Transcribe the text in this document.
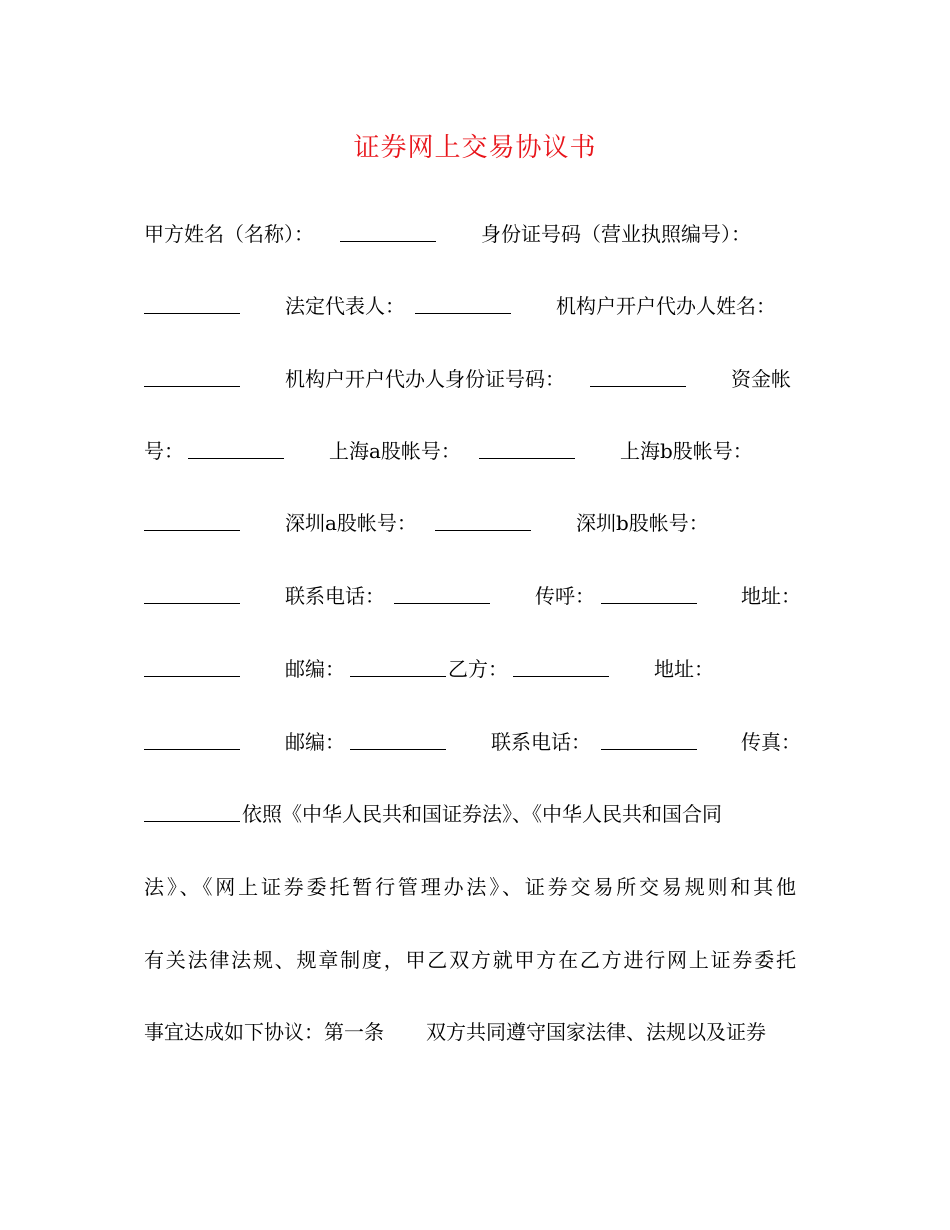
证券网上交易协议书
甲方姓名（名称）：	身份证号码（营业执照编号）：
法定代表人：	机构户开户代办人姓名：
机构户开户代办人身份证号码：	资金帐
号：	上海a股帐号：	上海b股帐号：
深圳a股帐号：	深圳b股帐号：
联系电话：	传呼：	地址：
邮编：	乙方：	地址：
邮编：	联系电话：	传真：
依照《中华人民共和国证券法》、《中华人民共和国合同
法》、《网上证券委托暂行管理办法》、证券交易所交易规则和其他
有关法律法规、规章制度，甲乙双方就甲方在乙方进行网上证券委托
事宜达成如下协议：第一条 双方共同遵守国家法律、法规以及证券
